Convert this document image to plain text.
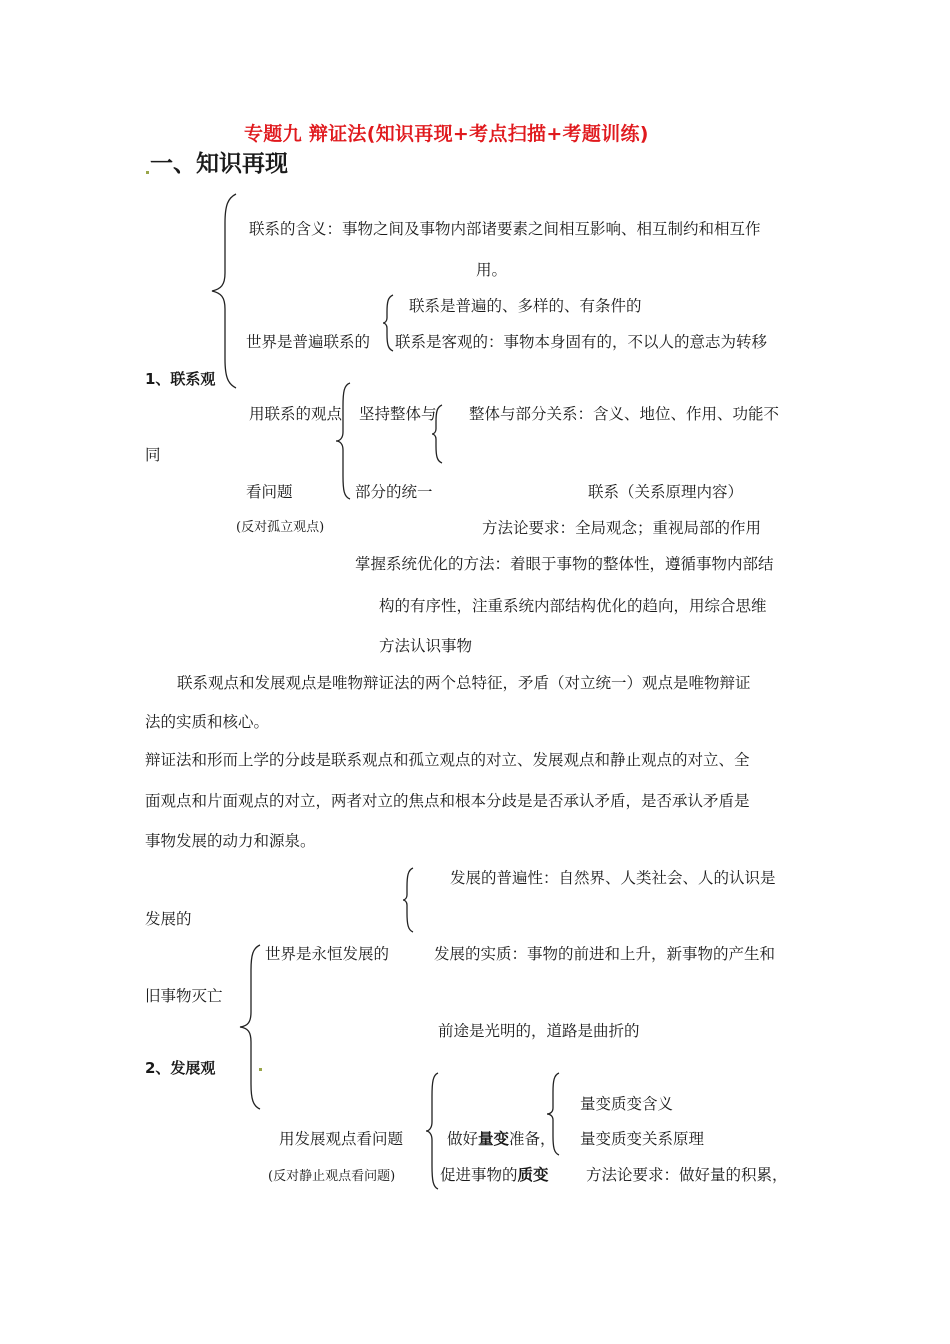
专题九 辩证法(知识再现+考点扫描+考题训练)
一、知识再现
联系的含义：事物之间及事物内部诸要素之间相互影响、相互制约和相互作
用。
联系是普遍的、多样的、有条件的
世界是普遍联系的 联系是客观的：事物本身固有的，不以人的意志为转移
1、联系观
用联系的观点 坚持整体与 整体与部分关系：含义、地位、作用、功能不
同
看问题	部分的统一	联系（关系原理内容）
(反对孤立观点)	方法论要求：全局观念；重视局部的作用
掌握系统优化的方法：着眼于事物的整体性，遵循事物内部结
构的有序性，注重系统内部结构优化的趋向，用综合思维
方法认识事物
联系观点和发展观点是唯物辩证法的两个总特征，矛盾（对立统一）观点是唯物辩证
法的实质和核心。
辩证法和形而上学的分歧是联系观点和孤立观点的对立、发展观点和静止观点的对立、全
面观点和片面观点的对立，两者对立的焦点和根本分歧是是否承认矛盾，是否承认矛盾是
事物发展的动力和源泉。
发展的普遍性：自然界、人类社会、人的认识是
发展的
世界是永恒发展的	发展的实质：事物的前进和上升，新事物的产生和
旧事物灭亡
前途是光明的，道路是曲折的
2、发展观
量变质变含义
用发展观点看问题	做好量变准备， 量变质变关系原理
(反对静止观点看问题)	促进事物的质变 方法论要求：做好量的积累，
